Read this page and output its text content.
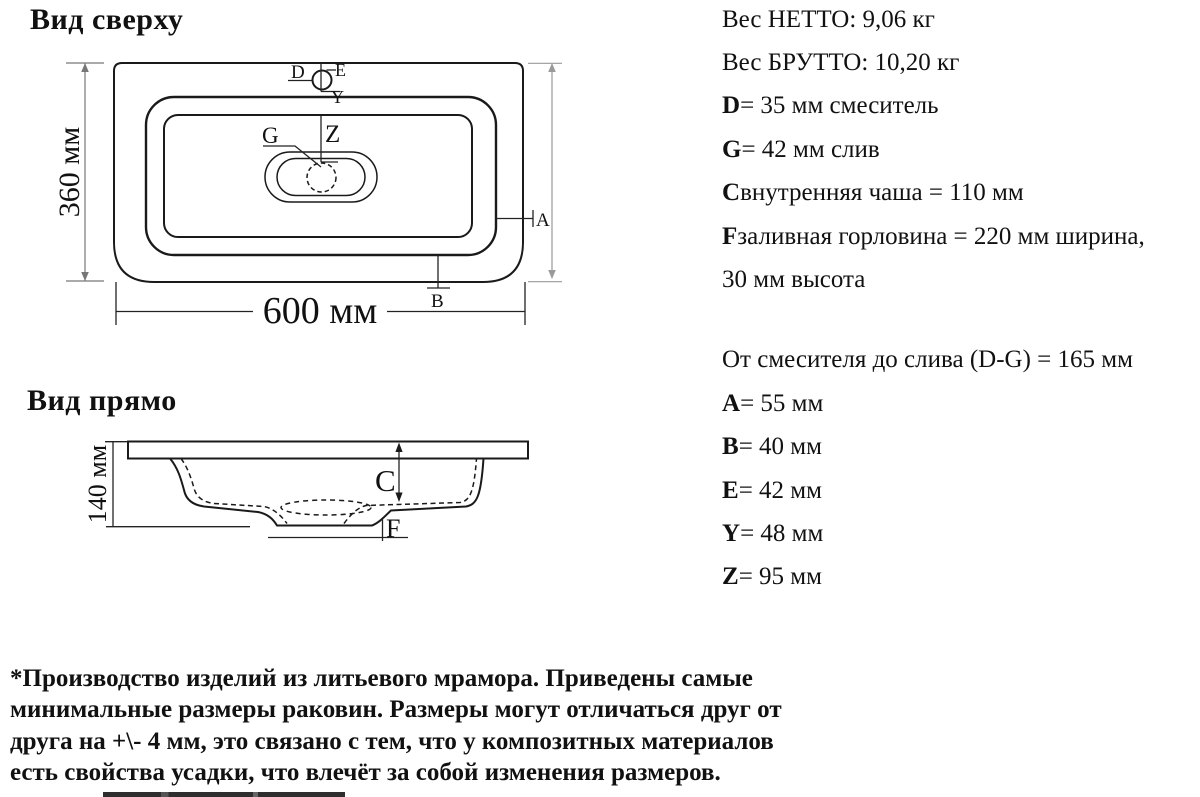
Вид сверху
D E
Y
G Z
A
B
360 мм
600 мм
Вид прямо
C
F
140 мм
Вес НЕТТО: 9,06 кг
Вес БРУТТО: 10,20 кг
D = 35 мм смеситель
G = 42 мм слив
C внутренняя чаша = 110 мм
F заливная горловина = 220 мм ширина,
30 мм высота
От смесителя до слива (D-G) = 165 мм
A = 55 мм
B = 40 мм
E = 42 мм
Y = 48 мм
Z = 95 мм
*Производство изделий из литьевого мрамора. Приведены самые
минимальные размеры раковин. Размеры могут отличаться друг от
друга на +\- 4 мм, это связано с тем, что у композитных материалов
есть свойства усадки, что влечёт за собой изменения размеров.
